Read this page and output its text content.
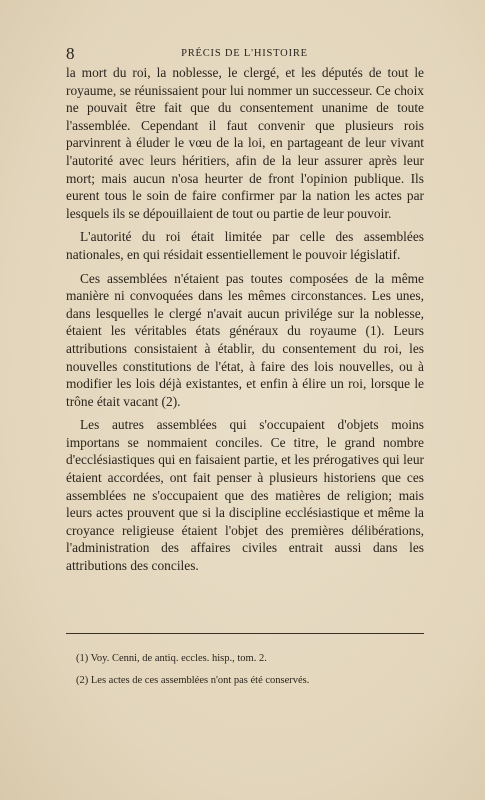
8	PRÉCIS DE L'HISTOIRE

la mort du roi, la noblesse, le clergé, et les députés de tout le royaume, se réunissaient pour lui nommer un successeur. Ce choix ne pouvait être fait que du consentement unanime de toute l'assemblée. Cependant il faut convenir que plusieurs rois parvinrent à éluder le vœu de la loi, en partageant de leur vivant l'autorité avec leurs héritiers, afin de la leur assurer après leur mort; mais aucun n'osa heurter de front l'opinion publique. Ils eurent tous le soin de faire confirmer par la nation les actes par lesquels ils se dépouillaient de tout ou partie de leur pouvoir.

L'autorité du roi était limitée par celle des assemblées nationales, en qui résidait essentiellement le pouvoir législatif.

Ces assemblées n'étaient pas toutes composées de la même manière ni convoquées dans les mêmes circonstances. Les unes, dans lesquelles le clergé n'avait aucun privilége sur la noblesse, étaient les véritables états généraux du royaume (1). Leurs attributions consistaient à établir, du consentement du roi, les nouvelles constitutions de l'état, à faire des lois nouvelles, ou à modifier les lois déjà existantes, et enfin à élire un roi, lorsque le trône était vacant (2).

Les autres assemblées qui s'occupaient d'objets moins importans se nommaient conciles. Ce titre, le grand nombre d'ecclésiastiques qui en faisaient partie, et les prérogatives qui leur étaient accordées, ont fait penser à plusieurs historiens que ces assemblées ne s'occupaient que des matières de religion; mais leurs actes prouvent que si la discipline ecclésiastique et même la croyance religieuse étaient l'objet des premières délibérations, l'administration des affaires civiles entrait aussi dans les attributions des conciles.

(1) Voy. Cenni, de antiq. eccles. hisp., tom. 2.
(2) Les actes de ces assemblées n'ont pas été conservés.
